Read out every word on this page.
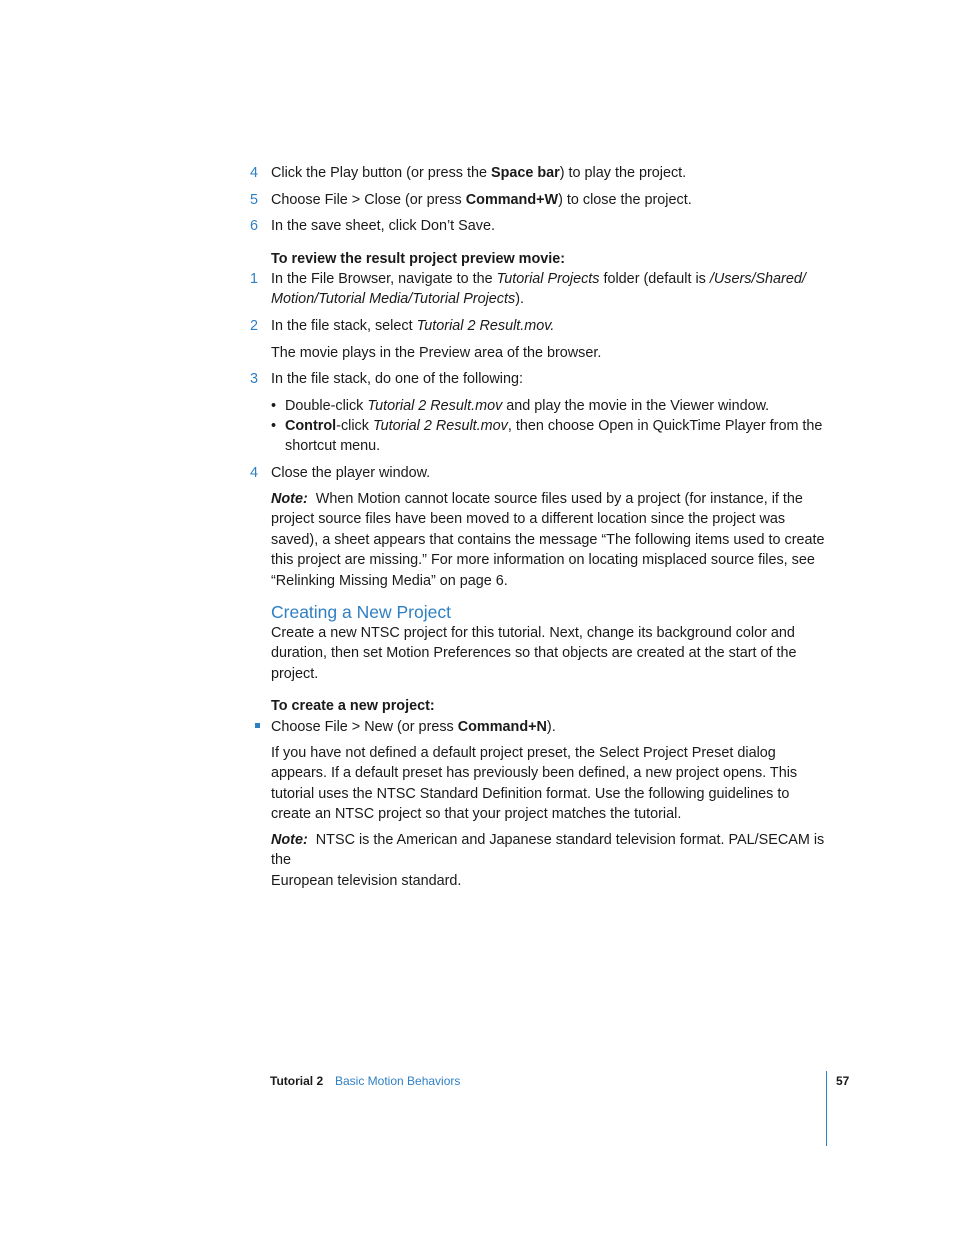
4 Click the Play button (or press the Space bar) to play the project.
5 Choose File > Close (or press Command+W) to close the project.
6 In the save sheet, click Don’t Save.
To review the result project preview movie:
1 In the File Browser, navigate to the Tutorial Projects folder (default is /Users/Shared/
Motion/Tutorial Media/Tutorial Projects).
2 In the file stack, select Tutorial 2 Result.mov.
The movie plays in the Preview area of the browser.
3 In the file stack, do one of the following:
• Double-click Tutorial 2 Result.mov and play the movie in the Viewer window.
• Control-click Tutorial 2 Result.mov, then choose Open in QuickTime Player from the
shortcut menu.
4 Close the player window.
Note: When Motion cannot locate source files used by a project (for instance, if the
project source files have been moved to a different location since the project was
saved), a sheet appears that contains the message “The following items used to create
this project are missing.” For more information on locating misplaced source files, see
“Relinking Missing Media” on page 6.
Creating a New Project
Create a new NTSC project for this tutorial. Next, change its background color and
duration, then set Motion Preferences so that objects are created at the start of the
project.
To create a new project:
Choose File > New (or press Command+N).
If you have not defined a default project preset, the Select Project Preset dialog
appears. If a default preset has previously been defined, a new project opens. This
tutorial uses the NTSC Standard Definition format. Use the following guidelines to
create an NTSC project so that your project matches the tutorial.
Note: NTSC is the American and Japanese standard television format. PAL/SECAM is the
European television standard.
Tutorial 2 Basic Motion Behaviors	57
